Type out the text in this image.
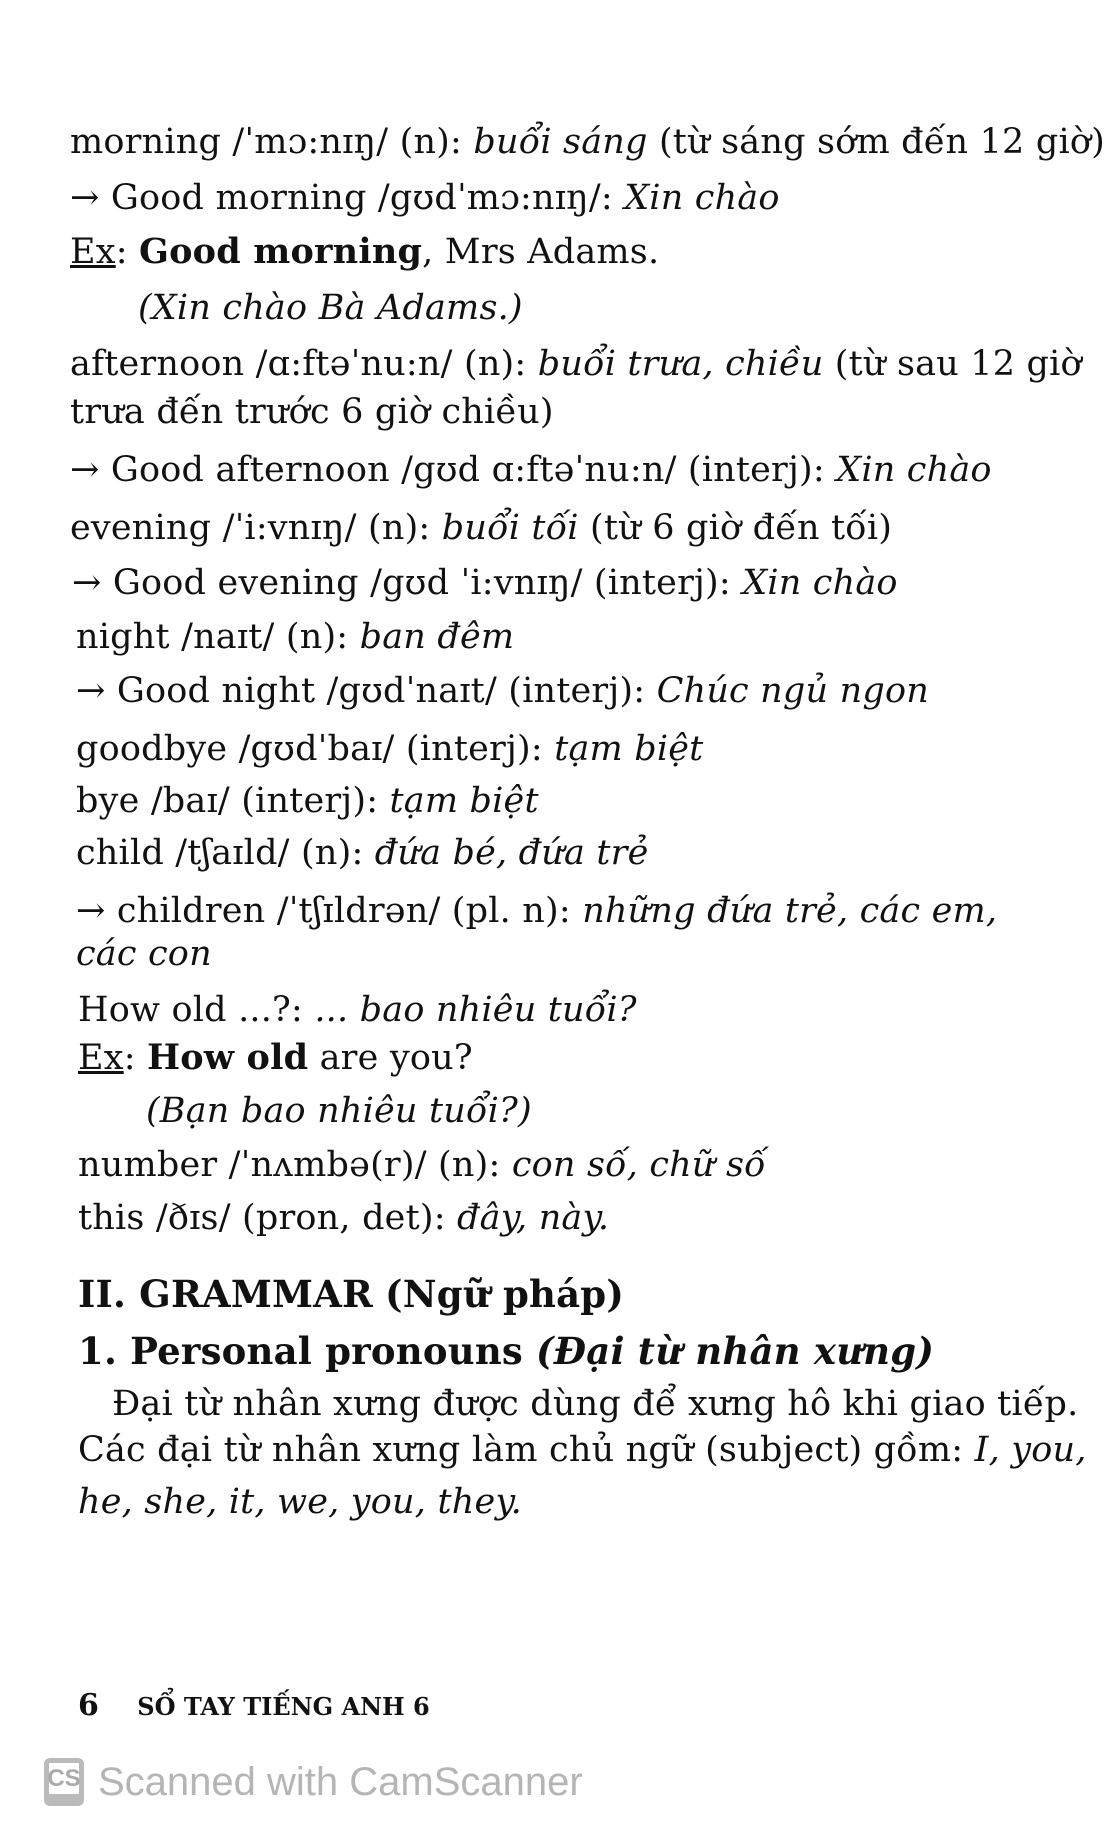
morning /ˈmɔ:nɪŋ/ (n): buổi sáng (từ sáng sớm đến 12 giờ)
→ Good morning /gʊdˈmɔ:nɪŋ/: Xin chào
Ex: Good morning, Mrs Adams.
(Xin chào Bà Adams.)
afternoon /ɑ:ftəˈnu:n/ (n): buổi trưa, chiều (từ sau 12 giờ
trưa đến trước 6 giờ chiều)
→ Good afternoon /gʊd ɑ:ftəˈnu:n/ (interj): Xin chào
evening /ˈi:vnɪŋ/ (n): buổi tối (từ 6 giờ đến tối)
→ Good evening /gʊd ˈi:vnɪŋ/ (interj): Xin chào
night /naɪt/ (n): ban đêm
→ Good night /gʊdˈnaɪt/ (interj): Chúc ngủ ngon
goodbye /gʊdˈbaɪ/ (interj): tạm biệt
bye /baɪ/ (interj): tạm biệt
child /tʃaɪld/ (n): đứa bé, đứa trẻ
→ children /ˈtʃɪldrən/ (pl. n): những đứa trẻ, các em,
các con
How old ...?: ... bao nhiêu tuổi?
Ex: How old are you?
(Bạn bao nhiêu tuổi?)
number /ˈnʌmbə(r)/ (n): con số, chữ số
this /ðɪs/ (pron, det): đây, này.
II. GRAMMAR (Ngữ pháp)
1. Personal pronouns (Đại từ nhân xưng)
Đại từ nhân xưng được dùng để xưng hô khi giao tiếp.
Các đại từ nhân xưng làm chủ ngữ (subject) gồm: I, you,
he, she, it, we, you, they.
6 SỔ TAY TIẾNG ANH 6
CS Scanned with CamScanner
